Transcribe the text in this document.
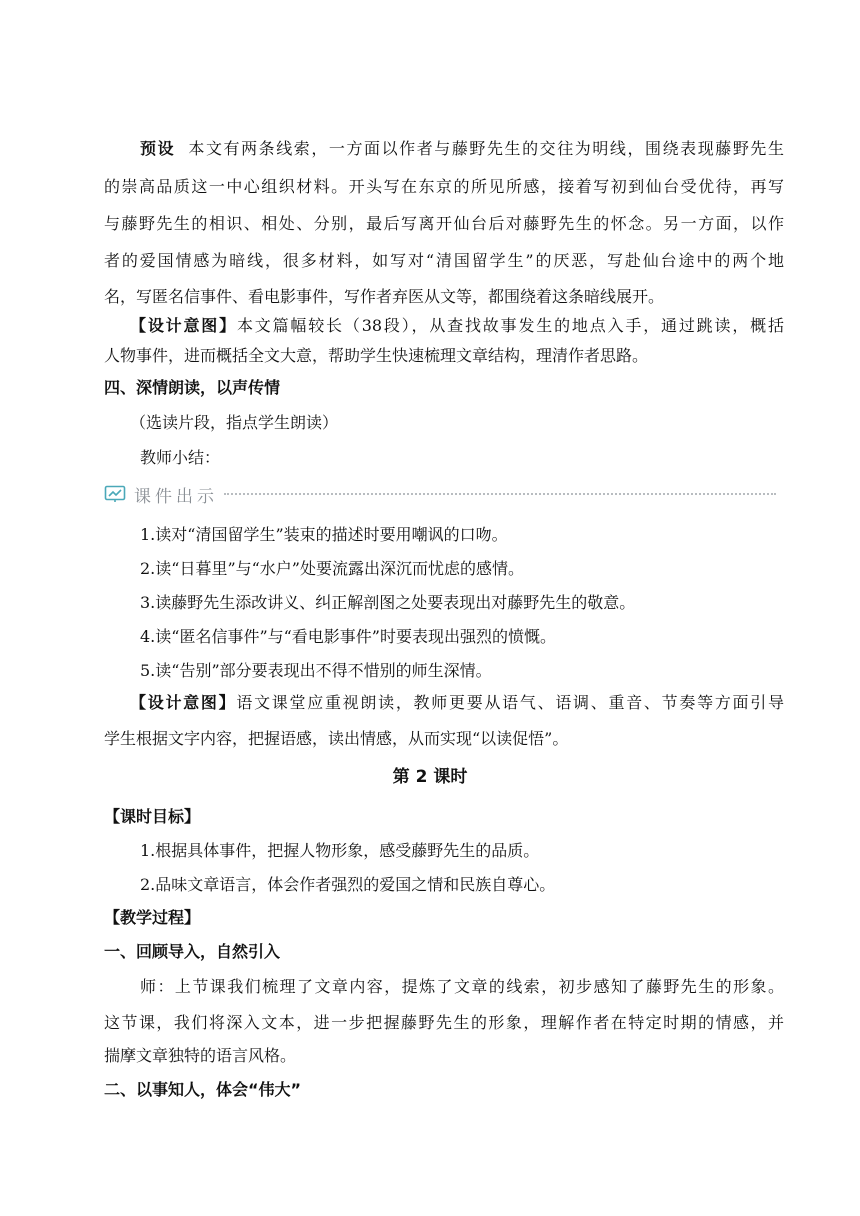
预设 本文有两条线索，一方面以作者与藤野先生的交往为明线，围绕表现藤野先生
的崇高品质这一中心组织材料。开头写在东京的所见所感，接着写初到仙台受优待，再写
与藤野先生的相识、相处、分别，最后写离开仙台后对藤野先生的怀念。另一方面，以作
者的爱国情感为暗线，很多材料，如写对“清国留学生”的厌恶，写赴仙台途中的两个地
名，写匿名信事件、看电影事件，写作者弃医从文等，都围绕着这条暗线展开。
【设计意图】本文篇幅较长（38段），从查找故事发生的地点入手，通过跳读，概括
人物事件，进而概括全文大意，帮助学生快速梳理文章结构，理清作者思路。
四、深情朗读，以声传情
（选读片段，指点学生朗读）
教师小结：
课件出示
1.读对“清国留学生”装束的描述时要用嘲讽的口吻。
2.读“日暮里”与“水户”处要流露出深沉而忧虑的感情。
3.读藤野先生添改讲义、纠正解剖图之处要表现出对藤野先生的敬意。
4.读“匿名信事件”与“看电影事件”时要表现出强烈的愤慨。
5.读“告别”部分要表现出不得不惜别的师生深情。
【设计意图】语文课堂应重视朗读，教师更要从语气、语调、重音、节奏等方面引导
学生根据文字内容，把握语感，读出情感，从而实现“以读促悟”。
第 2 课时
【课时目标】
1.根据具体事件，把握人物形象，感受藤野先生的品质。
2.品味文章语言，体会作者强烈的爱国之情和民族自尊心。
【教学过程】
一、回顾导入，自然引入
师：上节课我们梳理了文章内容，提炼了文章的线索，初步感知了藤野先生的形象。
这节课，我们将深入文本，进一步把握藤野先生的形象，理解作者在特定时期的情感，并
揣摩文章独特的语言风格。
二、以事知人，体会“伟大”
